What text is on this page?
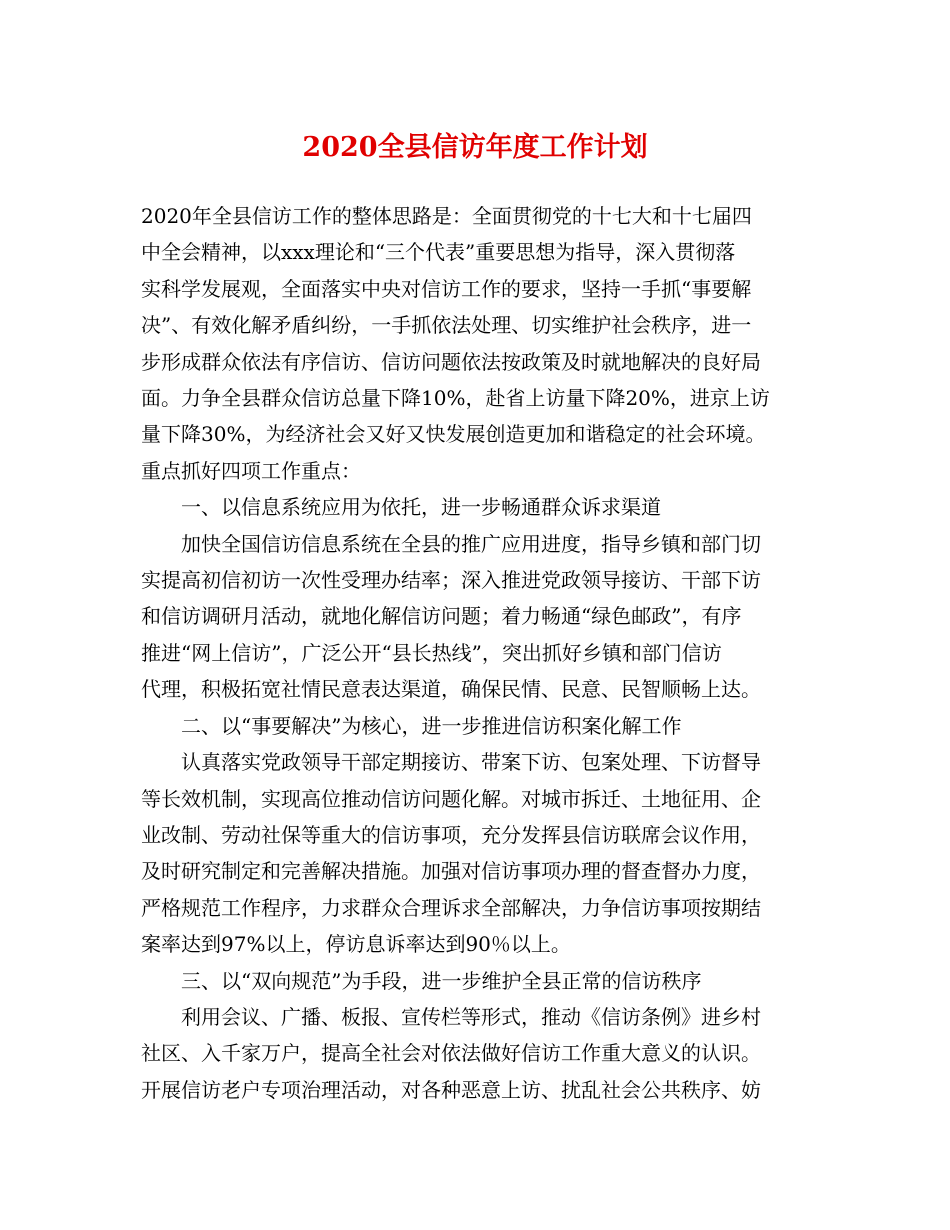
2020全县信访年度工作计划

2020年全县信访工作的整体思路是：全面贯彻党的十七大和十七届四

中全会精神，以xxx理论和“三个代表”重要思想为指导，深入贯彻落

实科学发展观，全面落实中央对信访工作的要求，坚持一手抓“事要解

决”、有效化解矛盾纠纷，一手抓依法处理、切实维护社会秩序，进一

步形成群众依法有序信访、信访问题依法按政策及时就地解决的良好局

面。力争全县群众信访总量下降10%，赴省上访量下降20%，进京上访

量下降30%，为经济社会又好又快发展创造更加和谐稳定的社会环境。

重点抓好四项工作重点：

一、以信息系统应用为依托，进一步畅通群众诉求渠道

加快全国信访信息系统在全县的推广应用进度，指导乡镇和部门切

实提高初信初访一次性受理办结率；深入推进党政领导接访、干部下访

和信访调研月活动，就地化解信访问题；着力畅通“绿色邮政”，有序

推进“网上信访”，广泛公开“县长热线”，突出抓好乡镇和部门信访

代理，积极拓宽社情民意表达渠道，确保民情、民意、民智顺畅上达。

二、以“事要解决”为核心，进一步推进信访积案化解工作

认真落实党政领导干部定期接访、带案下访、包案处理、下访督导

等长效机制，实现高位推动信访问题化解。对城市拆迁、土地征用、企

业改制、劳动社保等重大的信访事项，充分发挥县信访联席会议作用，

及时研究制定和完善解决措施。加强对信访事项办理的督查督办力度，

严格规范工作程序，力求群众合理诉求全部解决，力争信访事项按期结

案率达到97%以上，停访息诉率达到90％以上。

三、以“双向规范”为手段，进一步维护全县正常的信访秩序

利用会议、广播、板报、宣传栏等形式，推动《信访条例》进乡村

社区、入千家万户，提高全社会对依法做好信访工作重大意义的认识。

开展信访老户专项治理活动，对各种恶意上访、扰乱社会公共秩序、妨
